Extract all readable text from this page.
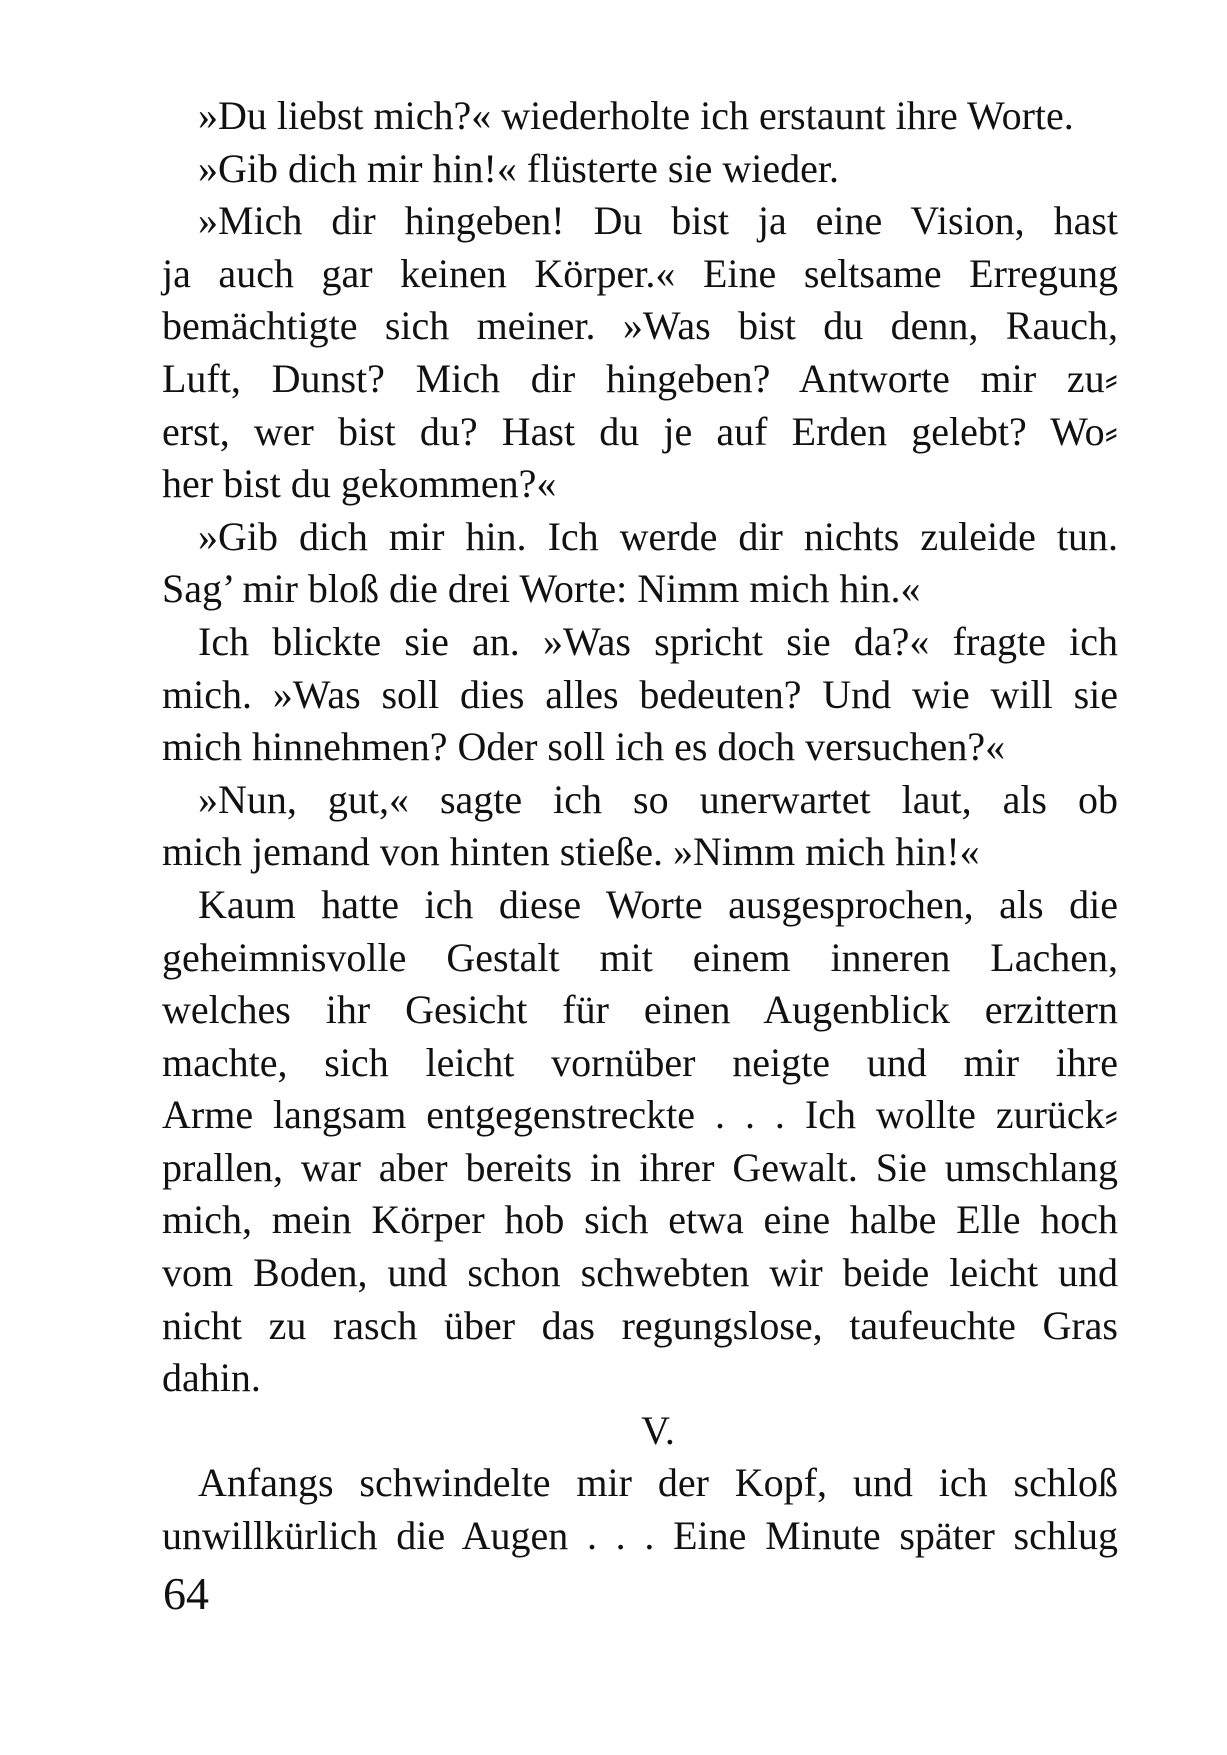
»Du liebst mich?« wiederholte ich erstaunt ihre Worte.
»Gib dich mir hin!« flüsterte sie wieder.
»Mich dir hingeben! Du bist ja eine Vision, hast
ja auch gar keinen Körper.« Eine seltsame Erregung
bemächtigte sich meiner. »Was bist du denn, Rauch,
Luft, Dunst? Mich dir hingeben? Antworte mir zu⸗
erst, wer bist du? Hast du je auf Erden gelebt? Wo⸗
her bist du gekommen?«
»Gib dich mir hin. Ich werde dir nichts zuleide tun.
Sag’ mir bloß die drei Worte: Nimm mich hin.«
Ich blickte sie an. »Was spricht sie da?« fragte ich
mich. »Was soll dies alles bedeuten? Und wie will sie
mich hinnehmen? Oder soll ich es doch versuchen?«
»Nun, gut,« sagte ich so unerwartet laut, als ob
mich jemand von hinten stieße. »Nimm mich hin!«
Kaum hatte ich diese Worte ausgesprochen, als die
geheimnisvolle Gestalt mit einem inneren Lachen,
welches ihr Gesicht für einen Augenblick erzittern
machte, sich leicht vornüber neigte und mir ihre
Arme langsam entgegenstreckte . . . Ich wollte zurück⸗
prallen, war aber bereits in ihrer Gewalt. Sie umschlang
mich, mein Körper hob sich etwa eine halbe Elle hoch
vom Boden, und schon schwebten wir beide leicht und
nicht zu rasch über das regungslose, taufeuchte Gras
dahin.
V.
Anfangs schwindelte mir der Kopf, und ich schloß
unwillkürlich die Augen . . . Eine Minute später schlug
64
